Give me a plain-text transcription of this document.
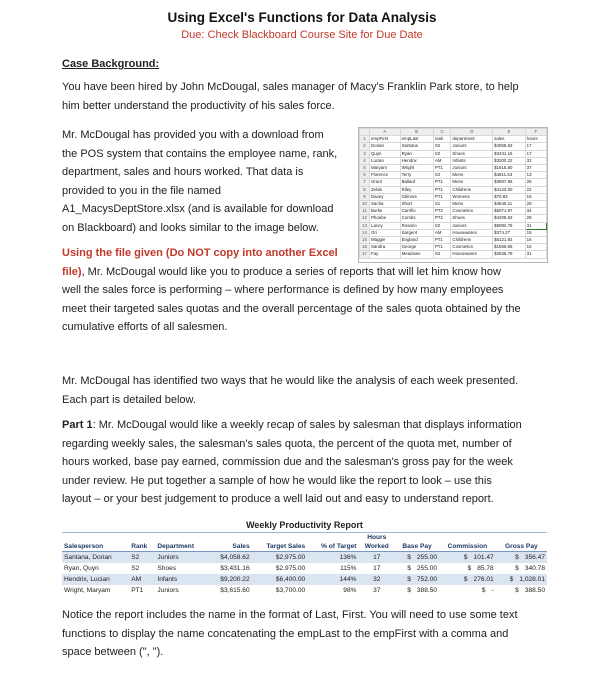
Using Excel's Functions for Data Analysis
Due: Check Blackboard Course Site for Due Date
Case Background:
You have been hired by John McDougal, sales manager of Macy's Franklin Park store, to help
him better understand the productivity of his sales force.
Mr. McDougal has provided you with a download from
the POS system that contains the employee name, rank,
department, sales and hours worked. That data is
provided to you in the file named
A1_MacysDeptStore.xlsx (and is available for download
on Blackboard) and looks similar to the image below.
	A	B	C	D	E	F
1	empFirst	empLast	rank	department	sales	hours
2	Dorian	Santana	S2	Juniors	$4058.62	17
3	Quyn	Ryan	S2	Shoes	$3431.16	17
4	Lucian	Hendrix	AM	Infants	$3200.22	32
5	Maryam	Wright	PT1	Juniors	$1615.60	37
6	Florence	Terry	S2	Mens	$4811.53	13
7	Grant	Ballard	PT1	Mens	$3907.96	25
8	Zelda	Riley	PT1	Childrens	$4123.00	22
9	Dacey	Gilmore	PT1	Womens	$70.83	16
10	Sacha	Short	S1	Mens	$4640.11	28
11	Burke	Carrillo	PT2	Cosmetics	$5071.97	34
12	Phoebe	Combs	PT2	Shoes	$4208.62	28
13	Lacey	Rosario	S2	Juniors	$5082.76	31
14	Ori	Sargent	AM	Housewares	$374.27	15
15	Maggie	England	PT1	Childrens	$5121.92	16
16	Sandra	George	PT1	Cosmetics	$1556.65	16
17	Fay	Meadows	S2	Housewares	$2536.79	31
Using the file given (Do NOT copy into another Excel
file), Mr. McDougal would like you to produce a series of reports that will let him know how
well the sales force is performing – where performance is defined by how many employees
meet their targeted sales quotas and the overall percentage of the sales quota obtained by the
cumulative efforts of all salesmen.
Mr. McDougal has identified two ways that he would like the analysis of each week presented.
Each part is detailed below.
Part 1: Mr. McDougal would like a weekly recap of sales by salesman that displays information
regarding weekly sales, the salesman's sales quota, the percent of the quota met, number of
hours worked, base pay earned, commission due and the salesman's gross pay for the week
under review. He put together a sample of how he would like the report to look – use this
layout – or your best judgement to produce a well laid out and easy to understand report.
Weekly Productivity Report
						Hours			
Salesperson	Rank	Department	Sales	Target Sales	% of Target	Worked	Base Pay	Commission	Gross Pay
Santana, Dorian	S2	Juniors	$4,058.62	$2,975.00	136%	17	$ 255.00	$ 101.47	$ 356.47
Ryan, Quyn	S2	Shoes	$3,431.16	$2,975.00	115%	17	$ 255.00	$ 85.78	$ 340.78
Hendrix, Lucian	AM	Infants	$9,200.22	$6,400.00	144%	32	$ 752.00	$ 276.01	$ 1,028.01
Wright, Maryam	PT1	Juniors	$3,615.60	$3,700.00	98%	37	$ 388.50	$ -	$ 388.50
Notice the report includes the name in the format of Last, First. You will need to use some text
functions to display the name concatenating the empLast to the empFirst with a comma and
space between (", ").
